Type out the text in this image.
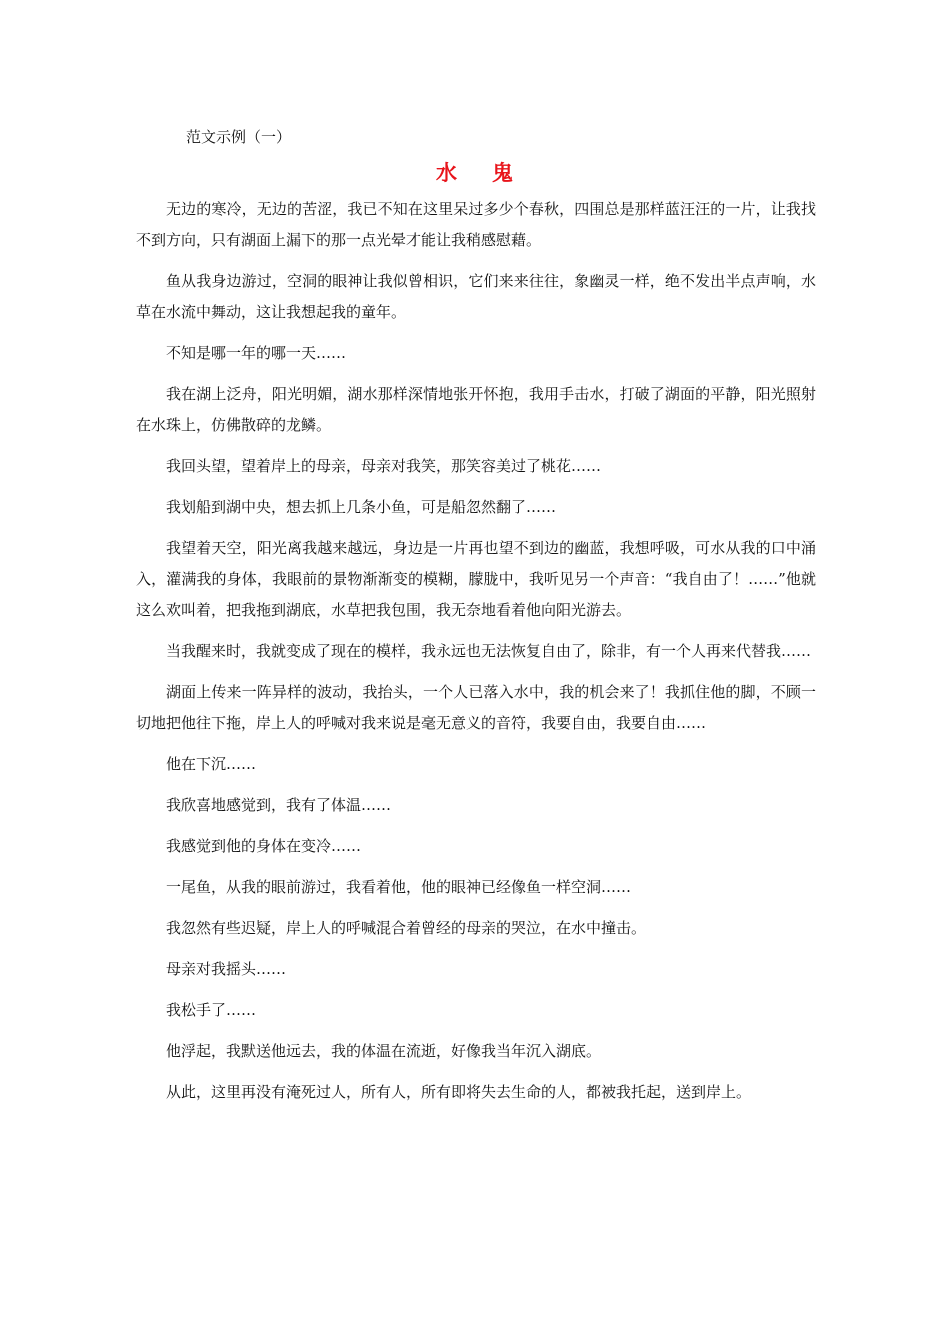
范文示例（一）
水 鬼

无边的寒冷，无边的苦涩，我已不知在这里呆过多少个春秋，四围总是那样蓝汪汪的一片，让我找不到方向，只有湖面上漏下的那一点光晕才能让我稍感慰藉。

鱼从我身边游过，空洞的眼神让我似曾相识，它们来来往往，象幽灵一样，绝不发出半点声响，水草在水流中舞动，这让我想起我的童年。

不知是哪一年的哪一天……

我在湖上泛舟，阳光明媚，湖水那样深情地张开怀抱，我用手击水，打破了湖面的平静，阳光照射在水珠上，仿佛散碎的龙鳞。

我回头望，望着岸上的母亲，母亲对我笑，那笑容美过了桃花……

我划船到湖中央，想去抓上几条小鱼，可是船忽然翻了……

我望着天空，阳光离我越来越远，身边是一片再也望不到边的幽蓝，我想呼吸，可水从我的口中涌入，灌满我的身体，我眼前的景物渐渐变的模糊，朦胧中，我听见另一个声音：“我自由了！……”他就这么欢叫着，把我拖到湖底，水草把我包围，我无奈地看着他向阳光游去。

当我醒来时，我就变成了现在的模样，我永远也无法恢复自由了，除非，有一个人再来代替我……

湖面上传来一阵异样的波动，我抬头，一个人已落入水中，我的机会来了！我抓住他的脚，不顾一切地把他往下拖，岸上人的呼喊对我来说是毫无意义的音符，我要自由，我要自由……

他在下沉……

我欣喜地感觉到，我有了体温……

我感觉到他的身体在变冷……

一尾鱼，从我的眼前游过，我看着他，他的眼神已经像鱼一样空洞……

我忽然有些迟疑，岸上人的呼喊混合着曾经的母亲的哭泣，在水中撞击。

母亲对我摇头……

我松手了……

他浮起，我默送他远去，我的体温在流逝，好像我当年沉入湖底。

从此，这里再没有淹死过人，所有人，所有即将失去生命的人，都被我托起，送到岸上。
